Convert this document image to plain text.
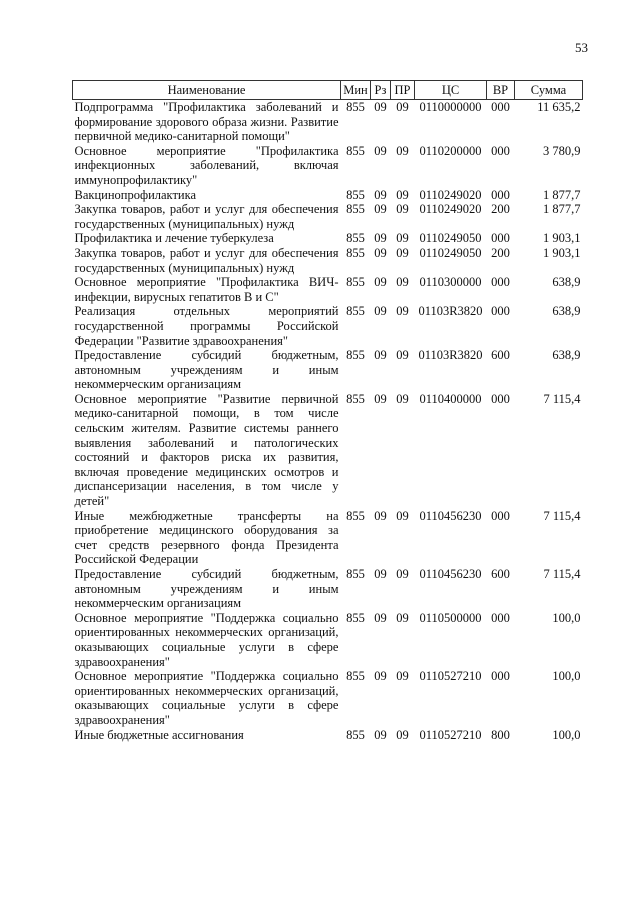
53
Наименование	Мин	Рз	ПР	ЦС	ВР	Сумма
Подпрограмма "Профилактика заболеваний и формирование здорового образа жизни. Развитие первичной медико-санитарной помощи"	855	09	09	0110000000	000	11 635,2
Основное мероприятие "Профилактика инфекционных заболеваний, включая иммунопрофилактику"	855	09	09	0110200000	000	3 780,9
Вакцинопрофилактика	855	09	09	0110249020	000	1 877,7
Закупка товаров, работ и услуг для обеспечения государственных (муниципальных) нужд	855	09	09	0110249020	200	1 877,7
Профилактика и лечение туберкулеза	855	09	09	0110249050	000	1 903,1
Закупка товаров, работ и услуг для обеспечения государственных (муниципальных) нужд	855	09	09	0110249050	200	1 903,1
Основное мероприятие "Профилактика ВИЧ-инфекции, вирусных гепатитов В и С"	855	09	09	0110300000	000	638,9
Реализация отдельных мероприятий государственной программы Российской Федерации "Развитие здравоохранения"	855	09	09	01103R3820	000	638,9
Предоставление субсидий бюджетным, автономным учреждениям и иным некоммерческим организациям	855	09	09	01103R3820	600	638,9
Основное мероприятие "Развитие первичной медико-санитарной помощи, в том числе сельским жителям. Развитие системы раннего выявления заболеваний и патологических состояний и факторов риска их развития, включая проведение медицинских осмотров и диспансеризации населения, в том числе у детей"	855	09	09	0110400000	000	7 115,4
Иные межбюджетные трансферты на приобретение медицинского оборудования за счет средств резервного фонда Президента Российской Федерации	855	09	09	0110456230	000	7 115,4
Предоставление субсидий бюджетным, автономным учреждениям и иным некоммерческим организациям	855	09	09	0110456230	600	7 115,4
Основное мероприятие "Поддержка социально ориентированных некоммерческих организаций, оказывающих социальные услуги в сфере здравоохранения"	855	09	09	0110500000	000	100,0
Основное мероприятие "Поддержка социально ориентированных некоммерческих организаций, оказывающих социальные услуги в сфере здравоохранения"	855	09	09	0110527210	000	100,0
Иные бюджетные ассигнования	855	09	09	0110527210	800	100,0
